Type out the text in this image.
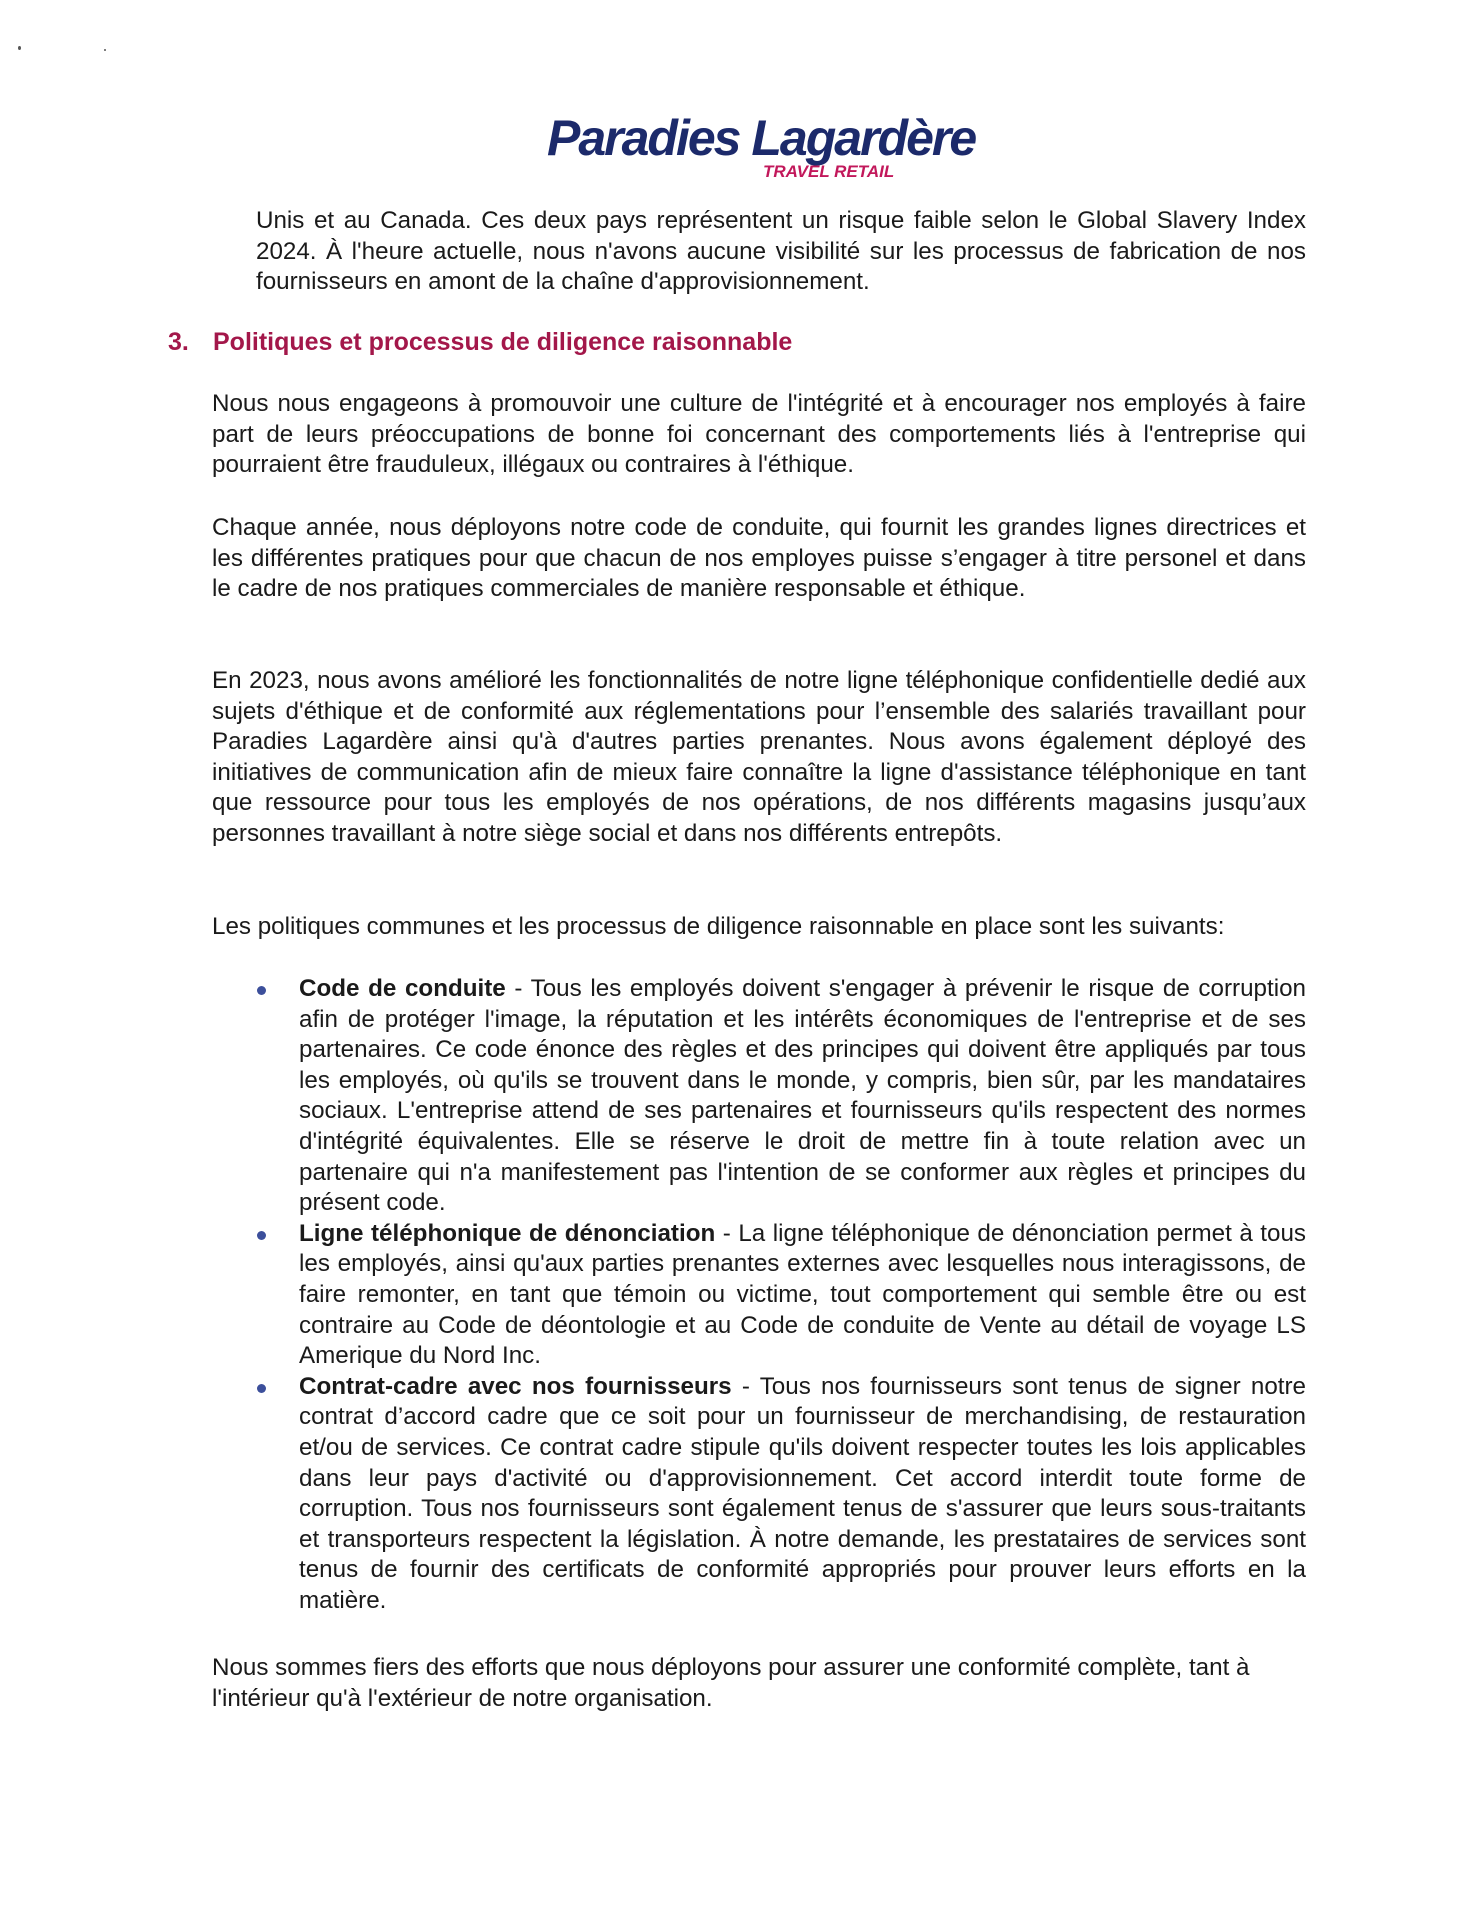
Paradies Lagardère
TRAVEL RETAIL

Unis et au Canada. Ces deux pays représentent un risque faible selon le Global Slavery Index 2024. À l'heure actuelle, nous n'avons aucune visibilité sur les processus de fabrication de nos fournisseurs en amont de la chaîne d'approvisionnement.

3. Politiques et processus de diligence raisonnable

Nous nous engageons à promouvoir une culture de l'intégrité et à encourager nos employés à faire part de leurs préoccupations de bonne foi concernant des comportements liés à l'entreprise qui pourraient être frauduleux, illégaux ou contraires à l'éthique.

Chaque année, nous déployons notre code de conduite, qui fournit les grandes lignes directrices et les différentes pratiques pour que chacun de nos employes puisse s’engager à titre personel et dans le cadre de nos pratiques commerciales de manière responsable et éthique.

En 2023, nous avons amélioré les fonctionnalités de notre ligne téléphonique confidentielle dedié aux sujets d'éthique et de conformité aux réglementations pour l’ensemble des salariés travaillant pour Paradies Lagardère ainsi qu'à d'autres parties prenantes. Nous avons également déployé des initiatives de communication afin de mieux faire connaître la ligne d'assistance téléphonique en tant que ressource pour tous les employés de nos opérations, de nos différents magasins jusqu’aux personnes travaillant à notre siège social et dans nos différents entrepôts.

Les politiques communes et les processus de diligence raisonnable en place sont les suivants:

Code de conduite - Tous les employés doivent s'engager à prévenir le risque de corruption afin de protéger l'image, la réputation et les intérêts économiques de l'entreprise et de ses partenaires. Ce code énonce des règles et des principes qui doivent être appliqués par tous les employés, où qu'ils se trouvent dans le monde, y compris, bien sûr, par les mandataires sociaux. L'entreprise attend de ses partenaires et fournisseurs qu'ils respectent des normes d'intégrité équivalentes. Elle se réserve le droit de mettre fin à toute relation avec un partenaire qui n'a manifestement pas l'intention de se conformer aux règles et principes du présent code.
Ligne téléphonique de dénonciation - La ligne téléphonique de dénonciation permet à tous les employés, ainsi qu'aux parties prenantes externes avec lesquelles nous interagissons, de faire remonter, en tant que témoin ou victime, tout comportement qui semble être ou est contraire au Code de déontologie et au Code de conduite de Vente au détail de voyage LS Amerique du Nord Inc.
Contrat-cadre avec nos fournisseurs - Tous nos fournisseurs sont tenus de signer notre contrat d’accord cadre que ce soit pour un fournisseur de merchandising, de restauration et/ou de services. Ce contrat cadre stipule qu'ils doivent respecter toutes les lois applicables dans leur pays d'activité ou d'approvisionnement. Cet accord interdit toute forme de corruption. Tous nos fournisseurs sont également tenus de s'assurer que leurs sous-traitants et transporteurs respectent la législation. À notre demande, les prestataires de services sont tenus de fournir des certificats de conformité appropriés pour prouver leurs efforts en la matière.

Nous sommes fiers des efforts que nous déployons pour assurer une conformité complète, tant à l'intérieur qu'à l'extérieur de notre organisation.
